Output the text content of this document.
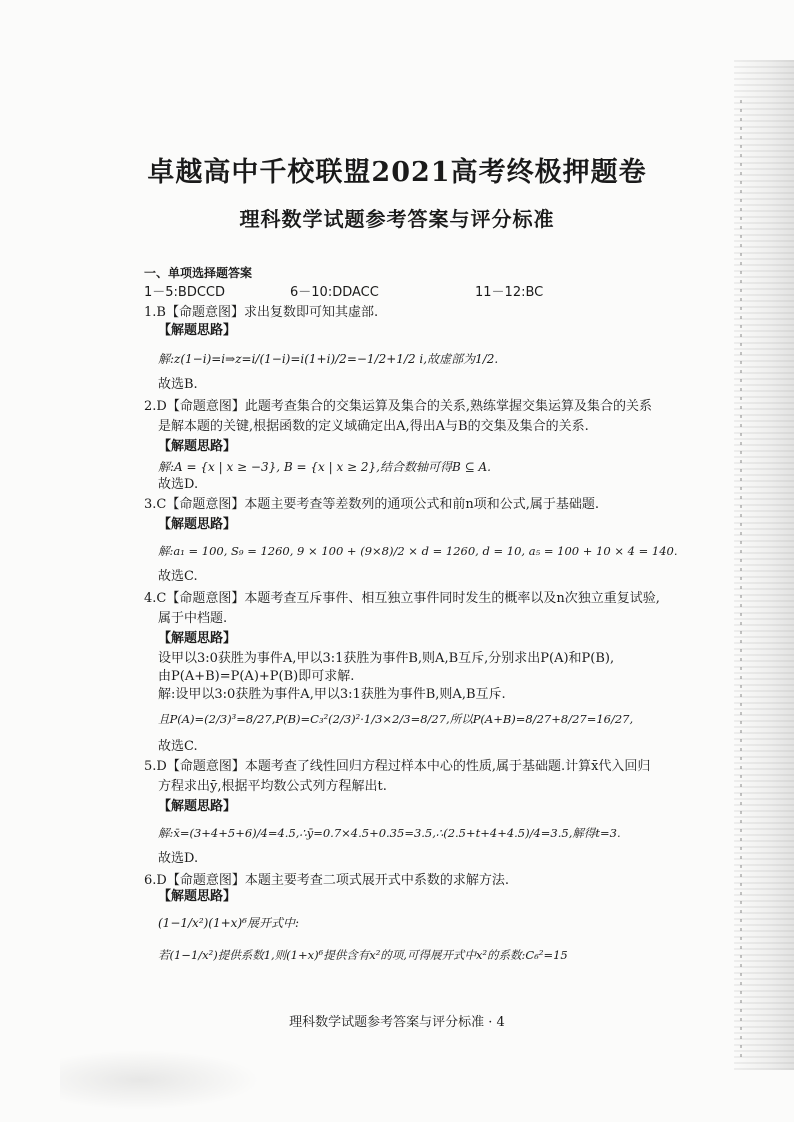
卓越高中千校联盟2021高考终极押题卷
理科数学试题参考答案与评分标准
一、单项选择题答案
1－5:BDCCD	6－10:DDACC	11－12:BC
1.B【命题意图】求出复数即可知其虚部.
【解题思路】
解:z(1−i)=i⇒z=i/(1−i)=i(1+i)/2=−1/2+1/2 i,故虚部为1/2.
故选B.
2.D【命题意图】此题考查集合的交集运算及集合的关系,熟练掌握交集运算及集合的关系
是解本题的关键,根据函数的定义域确定出A,得出A与B的交集及集合的关系.
【解题思路】
解:A = {x | x ≥ −3}, B = {x | x ≥ 2},结合数轴可得B ⊆ A.
故选D.
3.C【命题意图】本题主要考查等差数列的通项公式和前n项和公式,属于基础题.
【解题思路】
解:a₁ = 100, S₉ = 1260, 9 × 100 + (9×8)/2 × d = 1260, d = 10, a₅ = 100 + 10 × 4 = 140.
故选C.
4.C【命题意图】本题考查互斥事件、相互独立事件同时发生的概率以及n次独立重复试验,
属于中档题.
【解题思路】
设甲以3:0获胜为事件A,甲以3:1获胜为事件B,则A,B互斥,分别求出P(A)和P(B),
由P(A+B)=P(A)+P(B)即可求解.
解:设甲以3:0获胜为事件A,甲以3:1获胜为事件B,则A,B互斥.
且P(A)=(2/3)³=8/27,P(B)=C₃²(2/3)²·1/3×2/3=8/27,所以P(A+B)=8/27+8/27=16/27,
故选C.
5.D【命题意图】本题考查了线性回归方程过样本中心的性质,属于基础题.计算x̄代入回归
方程求出ȳ,根据平均数公式列方程解出t.
【解题思路】
解:x̄=(3+4+5+6)/4=4.5,∴ȳ=0.7×4.5+0.35=3.5,∴(2.5+t+4+4.5)/4=3.5,解得t=3.
故选D.
6.D【命题意图】本题主要考查二项式展开式中系数的求解方法.
【解题思路】
(1−1/x²)(1+x)⁶展开式中:
若(1−1/x²)提供系数1,则(1+x)⁶提供含有x²的项,可得展开式中x²的系数:C₆²=15
理科数学试题参考答案与评分标准 · 4
